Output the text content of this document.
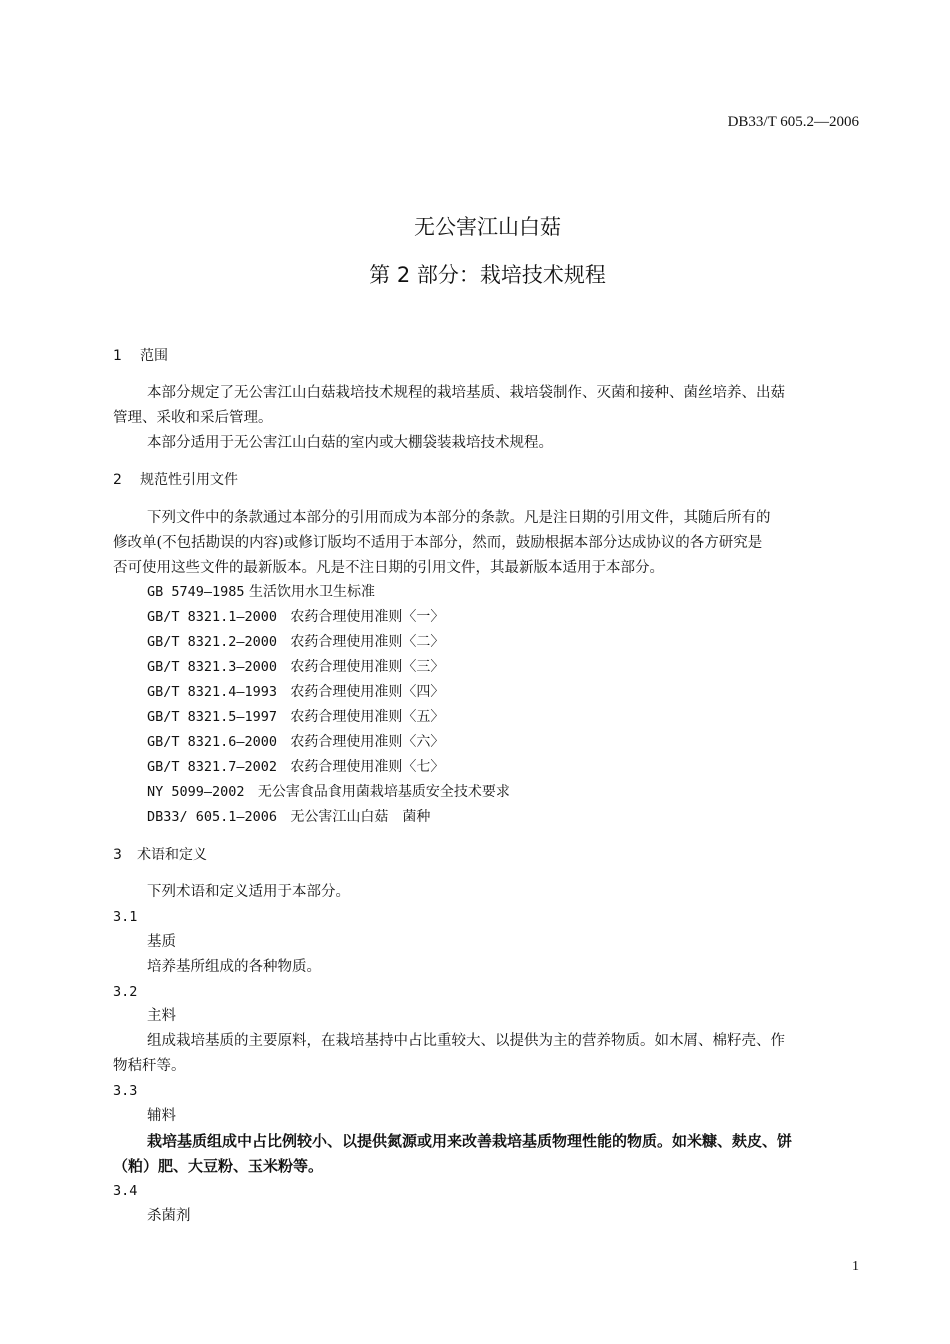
DB33/T 605.2—2006
无公害江山白菇
第 2 部分：栽培技术规程
1 范围
本部分规定了无公害江山白菇栽培技术规程的栽培基质、栽培袋制作、灭菌和接种、菌丝培养、出菇
管理、采收和采后管理。
本部分适用于无公害江山白菇的室内或大棚袋装栽培技术规程。
2 规范性引用文件
下列文件中的条款通过本部分的引用而成为本部分的条款。凡是注日期的引用文件，其随后所有的
修改单(不包括勘误的内容)或修订版均不适用于本部分，然而，鼓励根据本部分达成协议的各方研究是
否可使用这些文件的最新版本。凡是不注日期的引用文件，其最新版本适用于本部分。
GB 5749—1985 生活饮用水卫生标准
GB/T 8321.1—2000 农药合理使用准则〈一〉
GB/T 8321.2—2000 农药合理使用准则〈二〉
GB/T 8321.3—2000 农药合理使用准则〈三〉
GB/T 8321.4—1993 农药合理使用准则〈四〉
GB/T 8321.5—1997 农药合理使用准则〈五〉
GB/T 8321.6—2000 农药合理使用准则〈六〉
GB/T 8321.7—2002 农药合理使用准则〈七〉
NY 5099—2002 无公害食品食用菌栽培基质安全技术要求
DB33/ 605.1—2006 无公害江山白菇　菌种
3 术语和定义
下列术语和定义适用于本部分。
3.1
基质
培养基所组成的各种物质。
3.2
主料
组成栽培基质的主要原料，在栽培基持中占比重较大、以提供为主的营养物质。如木屑、棉籽壳、作
物秸秆等。
3.3
辅料
栽培基质组成中占比例较小、以提供氮源或用来改善栽培基质物理性能的物质。如米糠、麸皮、饼
（粕）肥、大豆粉、玉米粉等。
3.4
杀菌剂
1
